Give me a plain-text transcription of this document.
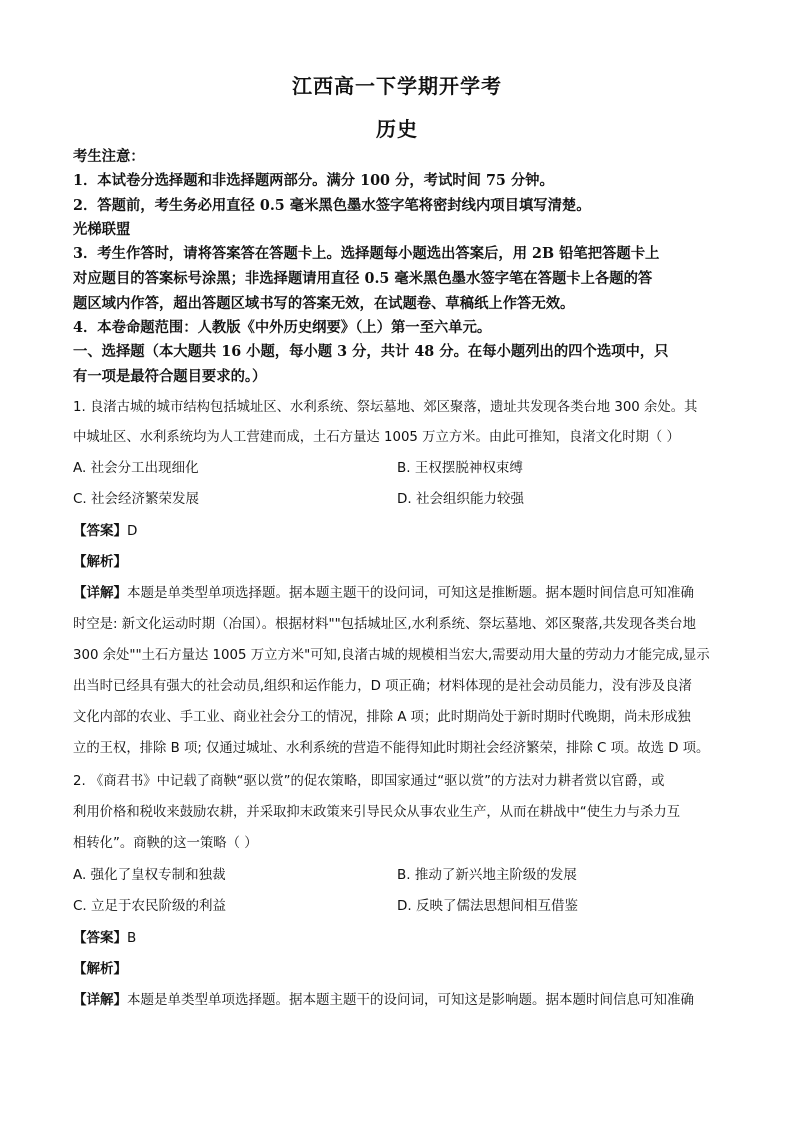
江西高一下学期开学考
历史
考生注意：
1．本试卷分选择题和非选择题两部分。满分 100 分，考试时间 75 分钟。
2．答题前，考生务必用直径 0.5 毫米黑色墨水签字笔将密封线内项目填写清楚。
光梯联盟
3．考生作答时，请将答案答在答题卡上。选择题每小题选出答案后，用 2B 铅笔把答题卡上
对应题目的答案标号涂黑；非选择题请用直径 0.5 毫米黑色墨水签字笔在答题卡上各题的答
题区域内作答，超出答题区域书写的答案无效，在试题卷、草稿纸上作答无效。
4．本卷命题范围：人教版《中外历史纲要》（上）第一至六单元。
一、选择题（本大题共 16 小题，每小题 3 分，共计 48 分。在每小题列出的四个选项中，只
有一项是最符合题目要求的。）
1. 良渚古城的城市结构包括城址区、水利系统、祭坛墓地、郊区聚落，遗址共发现各类台地 300 余处。其
中城址区、水利系统均为人工营建而成，土石方量达 1005 万立方米。由此可推知，良渚文化时期（ ）
A. 社会分工出现细化	B. 王权摆脱神权束缚
C. 社会经济繁荣发展	D. 社会组织能力较强
【答案】D
【解析】
【详解】本题是单类型单项选择题。据本题主题干的设问词，可知这是推断题。据本题时间信息可知准确
时空是: 新文化运动时期（冶国）。根据材料""包括城址区,水利系统、祭坛墓地、郊区聚落,共发现各类台地
300 余处""土石方量达 1005 万立方米"可知,良渚古城的规模相当宏大,需要动用大量的劳动力才能完成,显示
出当时已经具有强大的社会动员,组织和运作能力，D 项正确；材料体现的是社会动员能力，没有涉及良渚
文化内部的农业、手工业、商业社会分工的情况，排除 A 项；此时期尚处于新时期时代晚期，尚未形成独
立的王权，排除 B 项; 仅通过城址、水利系统的营造不能得知此时期社会经济繁荣，排除 C 项。故选 D 项。
2. 《商君书》中记载了商鞅“驱以赏”的促农策略，即国家通过“驱以赏”的方法对力耕者赏以官爵，或
利用价格和税收来鼓励农耕，并采取抑末政策来引导民众从事农业生产，从而在耕战中“使生力与杀力互
相转化”。商鞅的这一策略（ ）
A. 强化了皇权专制和独裁	B. 推动了新兴地主阶级的发展
C. 立足于农民阶级的利益	D. 反映了儒法思想间相互借鉴
【答案】B
【解析】
【详解】本题是单类型单项选择题。据本题主题干的设问词，可知这是影响题。据本题时间信息可知准确
